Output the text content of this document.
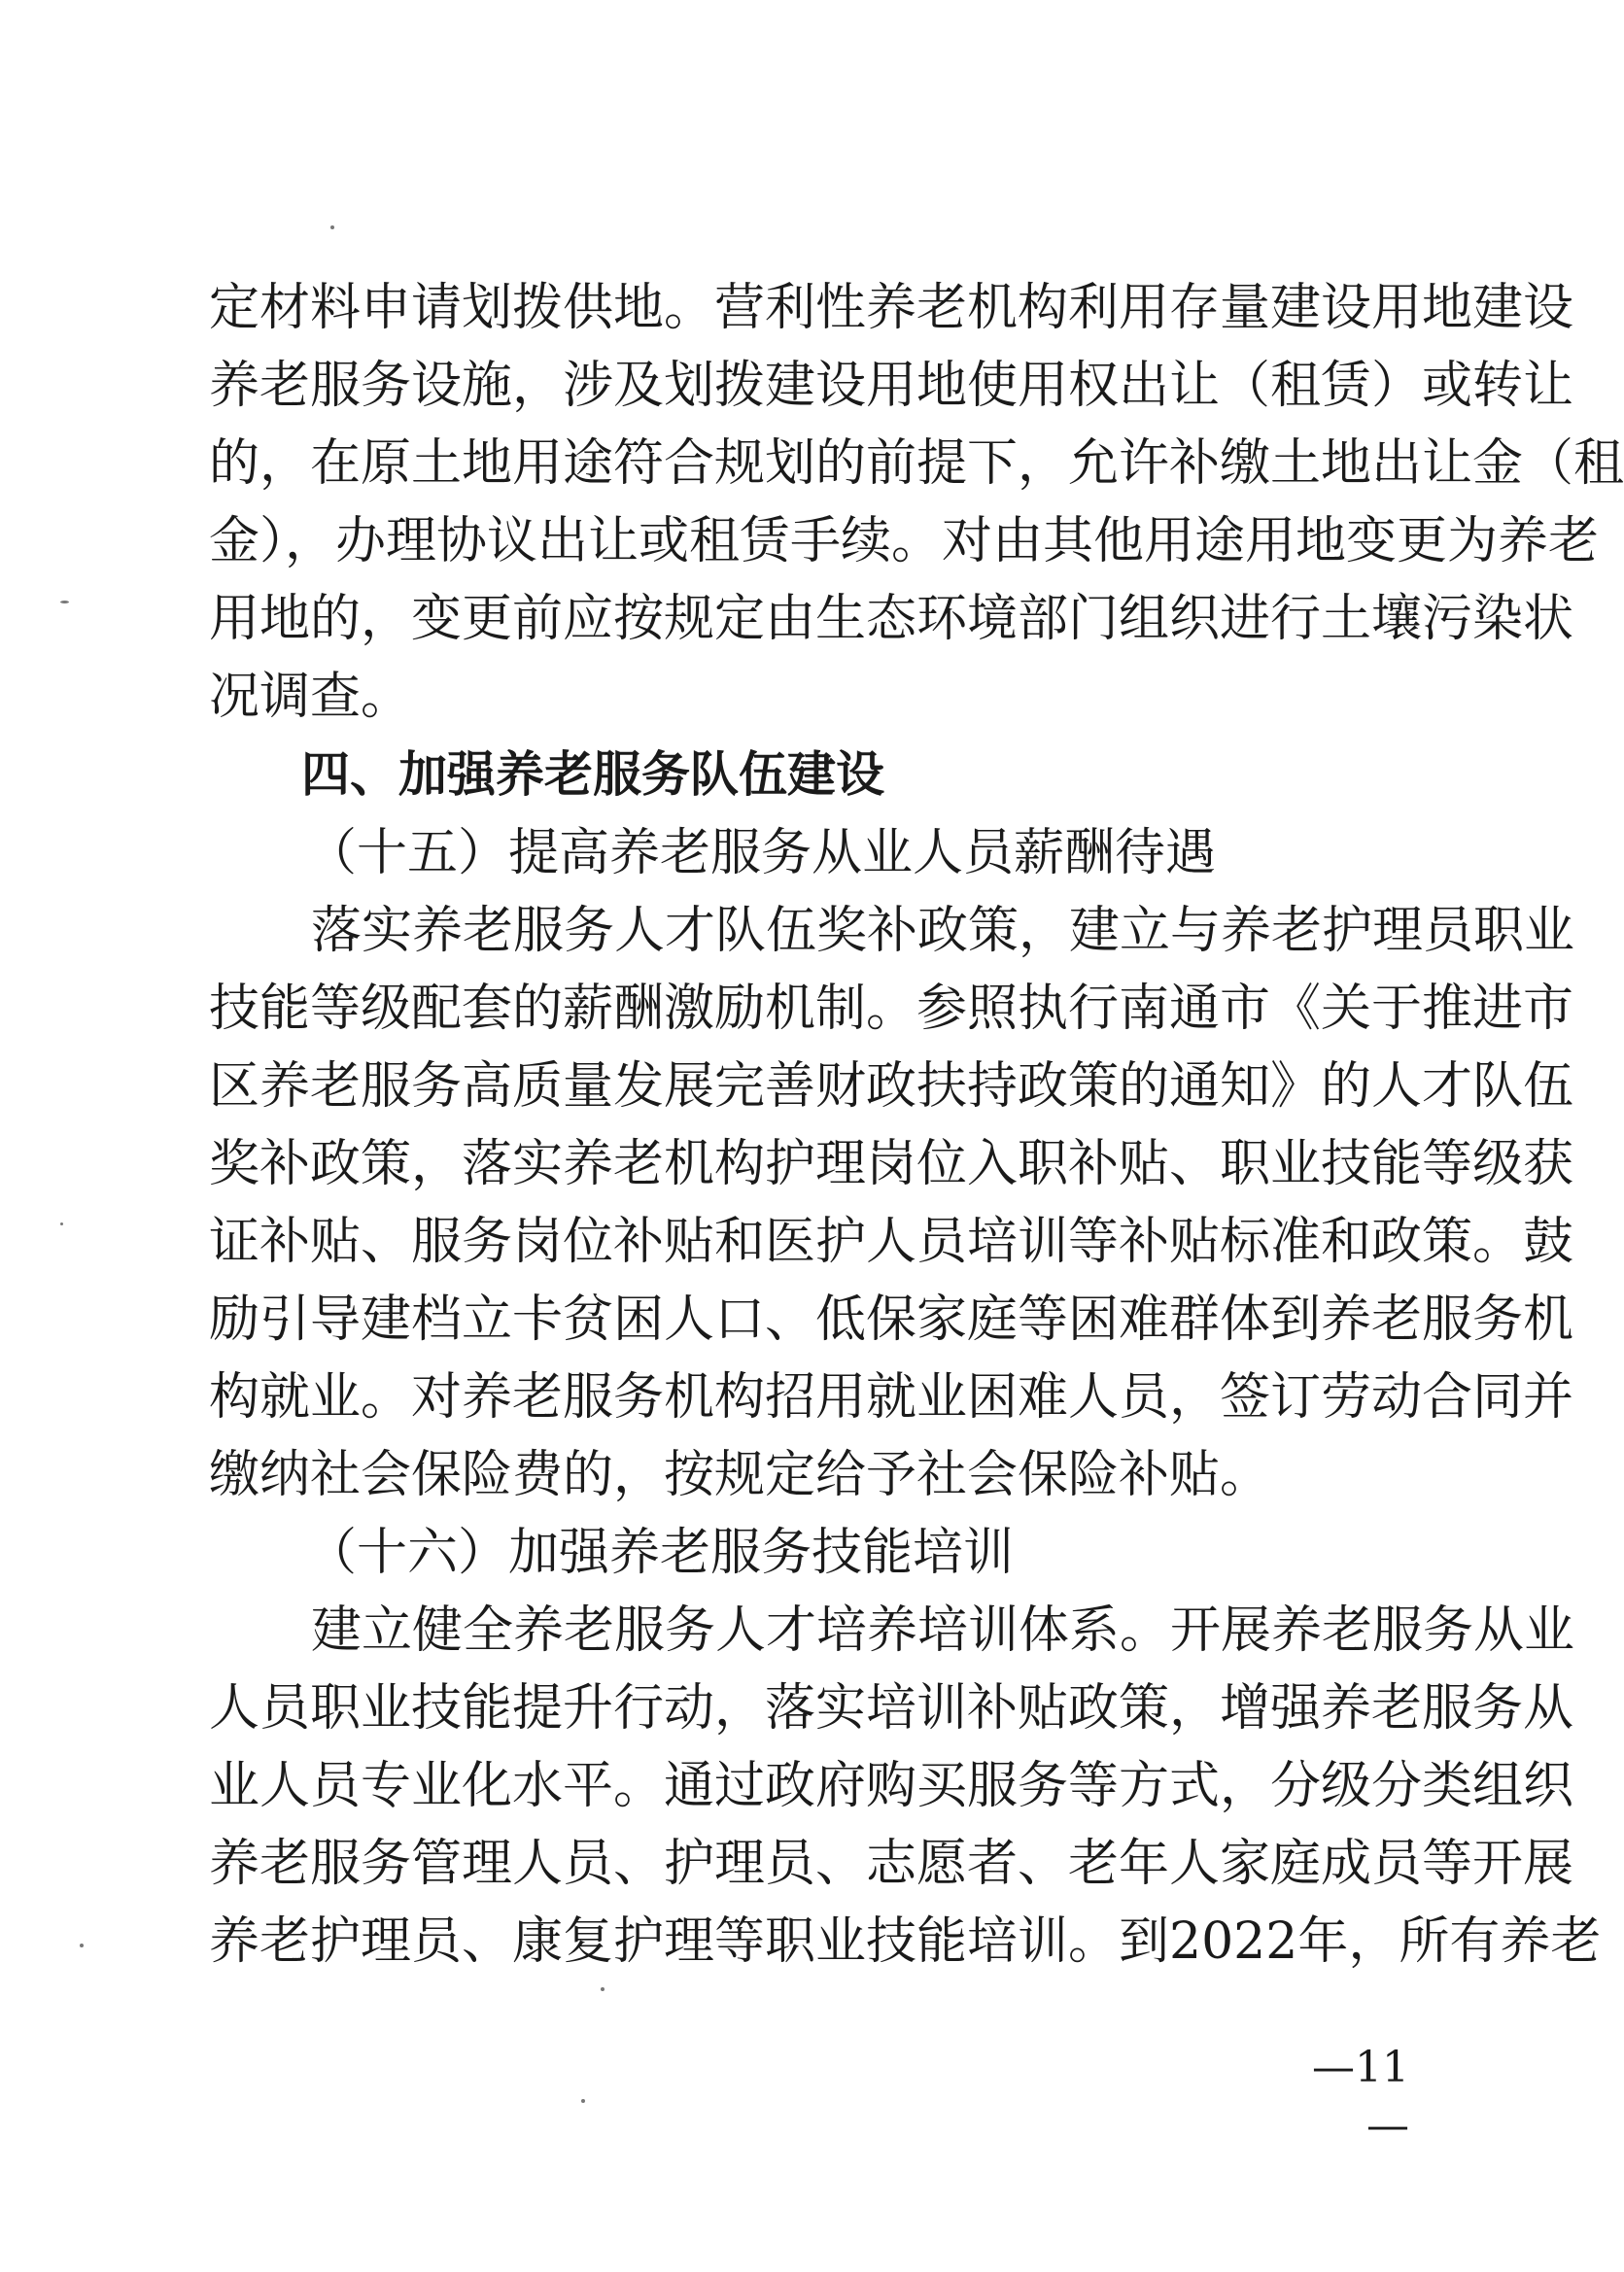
定材料申请划拨供地。营利性养老机构利用存量建设用地建设
养老服务设施，涉及划拨建设用地使用权出让（租赁）或转让
的，在原土地用途符合规划的前提下，允许补缴土地出让金（租
金），办理协议出让或租赁手续。对由其他用途用地变更为养老
用地的，变更前应按规定由生态环境部门组织进行土壤污染状
况调查。
四、加强养老服务队伍建设
（十五）提高养老服务从业人员薪酬待遇
落实养老服务人才队伍奖补政策，建立与养老护理员职业
技能等级配套的薪酬激励机制。参照执行南通市《关于推进市
区养老服务高质量发展完善财政扶持政策的通知》的人才队伍
奖补政策，落实养老机构护理岗位入职补贴、职业技能等级获
证补贴、服务岗位补贴和医护人员培训等补贴标准和政策。鼓
励引导建档立卡贫困人口、低保家庭等困难群体到养老服务机
构就业。对养老服务机构招用就业困难人员，签订劳动合同并
缴纳社会保险费的，按规定给予社会保险补贴。
（十六）加强养老服务技能培训
建立健全养老服务人才培养培训体系。开展养老服务从业
人员职业技能提升行动，落实培训补贴政策，增强养老服务从
业人员专业化水平。通过政府购买服务等方式，分级分类组织
养老服务管理人员、护理员、志愿者、老年人家庭成员等开展
养老护理员、康复护理等职业技能培训。到2022年，所有养老
—11—
